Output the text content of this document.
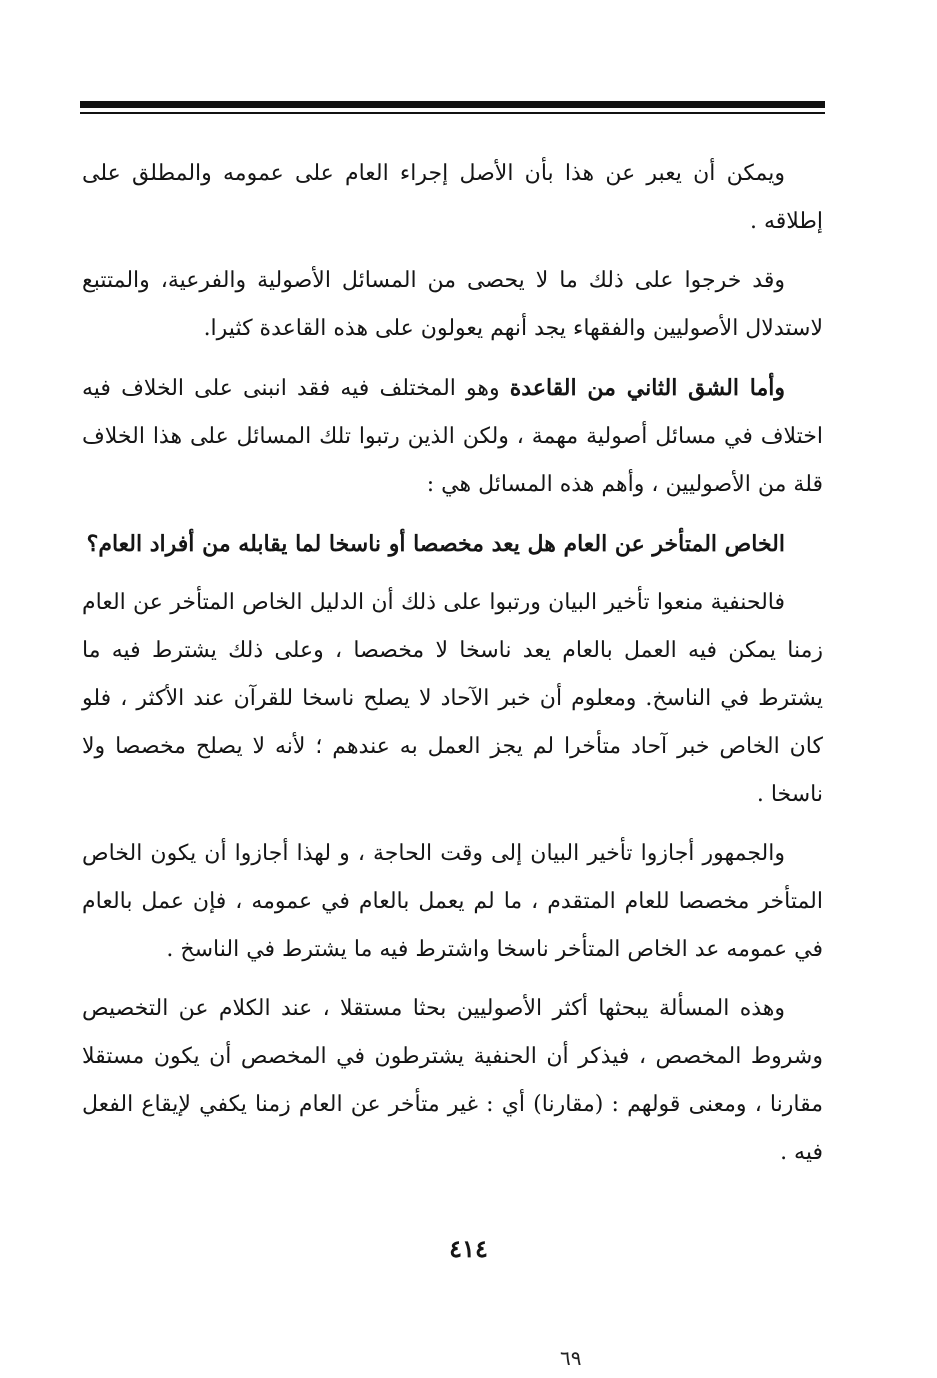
ويمكن أن يعبر عن هذا بأن الأصل إجراء العام على عمومه والمطلق على إطلاقه .

وقد خرجوا على ذلك ما لا يحصى من المسائل الأصولية والفرعية، والمتتبع لاستدلال الأصوليين والفقهاء يجد أنهم يعولون على هذه القاعدة كثيرا.

وأما الشق الثاني من القاعدة وهو المختلف فيه فقد انبنى على الخلاف فيه اختلاف في مسائل أصولية مهمة ، ولكن الذين رتبوا تلك المسائل على هذا الخلاف قلة من الأصوليين ، وأهم هذه المسائل هي :

الخاص المتأخر عن العام هل يعد مخصصا أو ناسخا لما يقابله من أفراد العام؟

فالحنفية منعوا تأخير البيان ورتبوا على ذلك أن الدليل الخاص المتأخر عن العام زمنا يمكن فيه العمل بالعام يعد ناسخا لا مخصصا ، وعلى ذلك يشترط فيه ما يشترط في الناسخ. ومعلوم أن خبر الآحاد لا يصلح ناسخا للقرآن عند الأكثر ، فلو كان الخاص خبر آحاد متأخرا لم يجز العمل به عندهم ؛ لأنه لا يصلح مخصصا ولا ناسخا .

والجمهور أجازوا تأخير البيان إلى وقت الحاجة ، و لهذا أجازوا أن يكون الخاص المتأخر مخصصا للعام المتقدم ، ما لم يعمل بالعام في عمومه ، فإن عمل بالعام في عمومه عد الخاص المتأخر ناسخا واشترط فيه ما يشترط في الناسخ .

وهذه المسألة يبحثها أكثر الأصوليين بحثا مستقلا ، عند الكلام عن التخصيص وشروط المخصص ، فيذكر أن الحنفية يشترطون في المخصص أن يكون مستقلا مقارنا ، ومعنى قولهم : (مقارنا) أي : غير متأخر عن العام زمنا يكفي لإيقاع الفعل فيه .

٤١٤
٦٩
